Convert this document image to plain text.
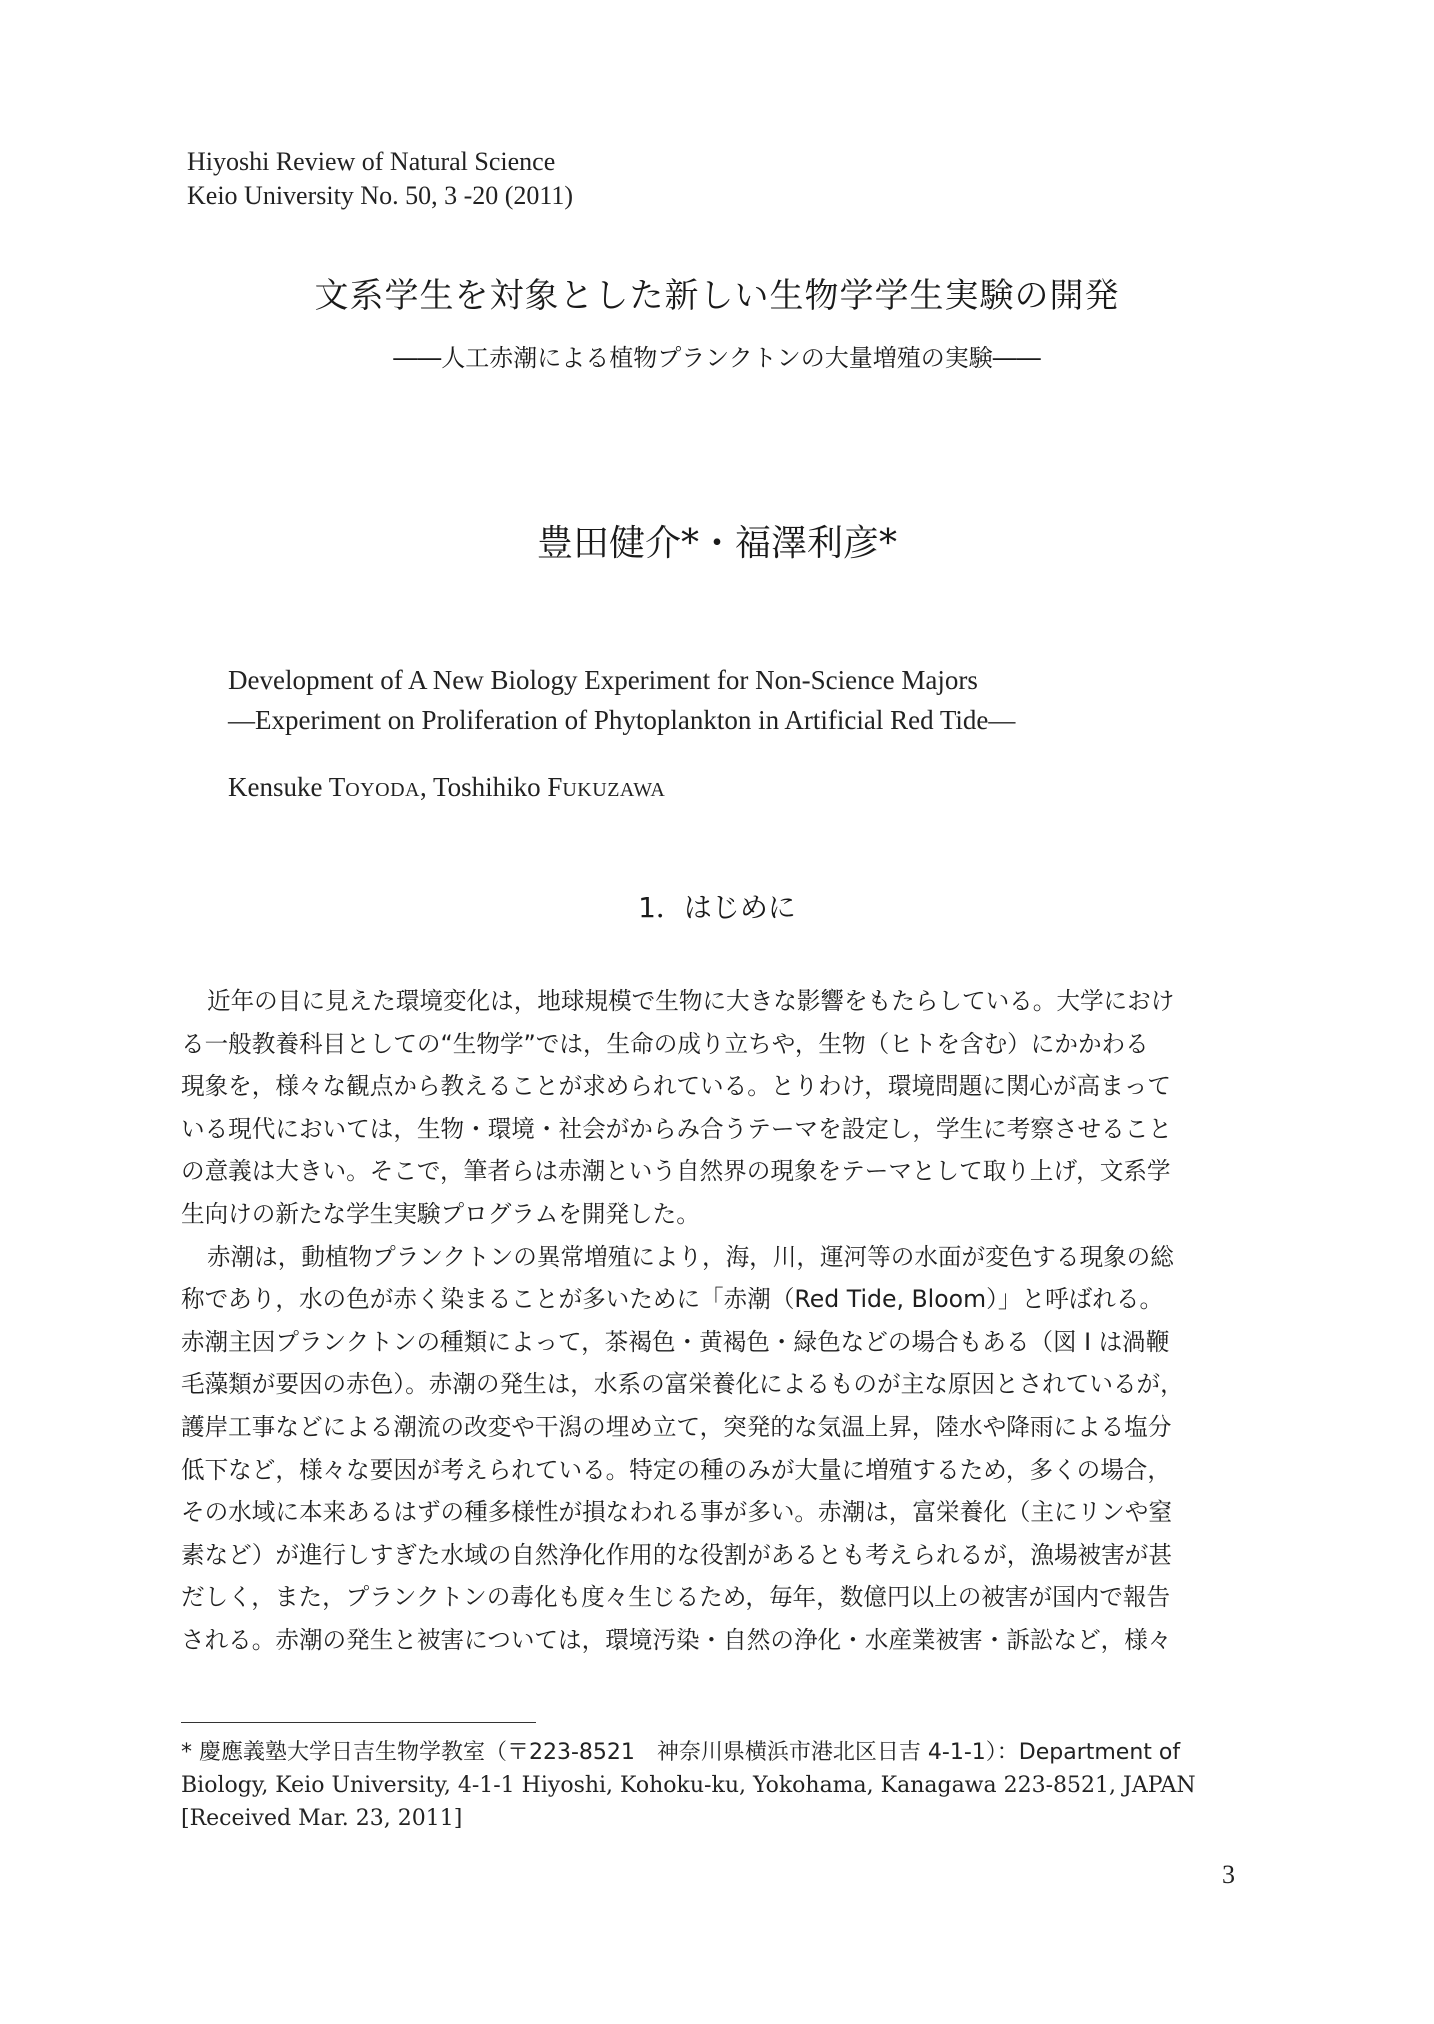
Hiyoshi Review of Natural Science
Keio University No. 50, 3 -20 (2011)
文系学生を対象とした新しい生物学学生実験の開発
――人工赤潮による植物プランクトンの大量増殖の実験――
豊田健介*・福澤利彦*
Development of A New Biology Experiment for Non-Science Majors
—Experiment on Proliferation of Phytoplankton in Artificial Red Tide—
Kensuke TOYODA, Toshihiko FUKUZAWA
1．はじめに
近年の目に見えた環境変化は，地球規模で生物に大きな影響をもたらしている。大学におけ
る一般教養科目としての“生物学”では，生命の成り立ちや，生物（ヒトを含む）にかかわる
現象を，様々な観点から教えることが求められている。とりわけ，環境問題に関心が高まって
いる現代においては，生物・環境・社会がからみ合うテーマを設定し，学生に考察させること
の意義は大きい。そこで，筆者らは赤潮という自然界の現象をテーマとして取り上げ，文系学
生向けの新たな学生実験プログラムを開発した。
赤潮は，動植物プランクトンの異常増殖により，海，川，運河等の水面が変色する現象の総
称であり，水の色が赤く染まることが多いために「赤潮（Red Tide, Bloom）」と呼ばれる。
赤潮主因プランクトンの種類によって，茶褐色・黄褐色・緑色などの場合もある（図 I は渦鞭
毛藻類が要因の赤色）。赤潮の発生は，水系の富栄養化によるものが主な原因とされているが，
護岸工事などによる潮流の改変や干潟の埋め立て，突発的な気温上昇，陸水や降雨による塩分
低下など，様々な要因が考えられている。特定の種のみが大量に増殖するため，多くの場合，
その水域に本来あるはずの種多様性が損なわれる事が多い。赤潮は，富栄養化（主にリンや窒
素など）が進行しすぎた水域の自然浄化作用的な役割があるとも考えられるが，漁場被害が甚
だしく，また，プランクトンの毒化も度々生じるため，毎年，数億円以上の被害が国内で報告
される。赤潮の発生と被害については，環境汚染・自然の浄化・水産業被害・訴訟など，様々
* 慶應義塾大学日吉生物学教室（〒223-8521　神奈川県横浜市港北区日吉 4-1-1）：Department of
Biology, Keio University, 4-1-1 Hiyoshi, Kohoku-ku, Yokohama, Kanagawa 223-8521, JAPAN
[Received Mar. 23, 2011]
3
